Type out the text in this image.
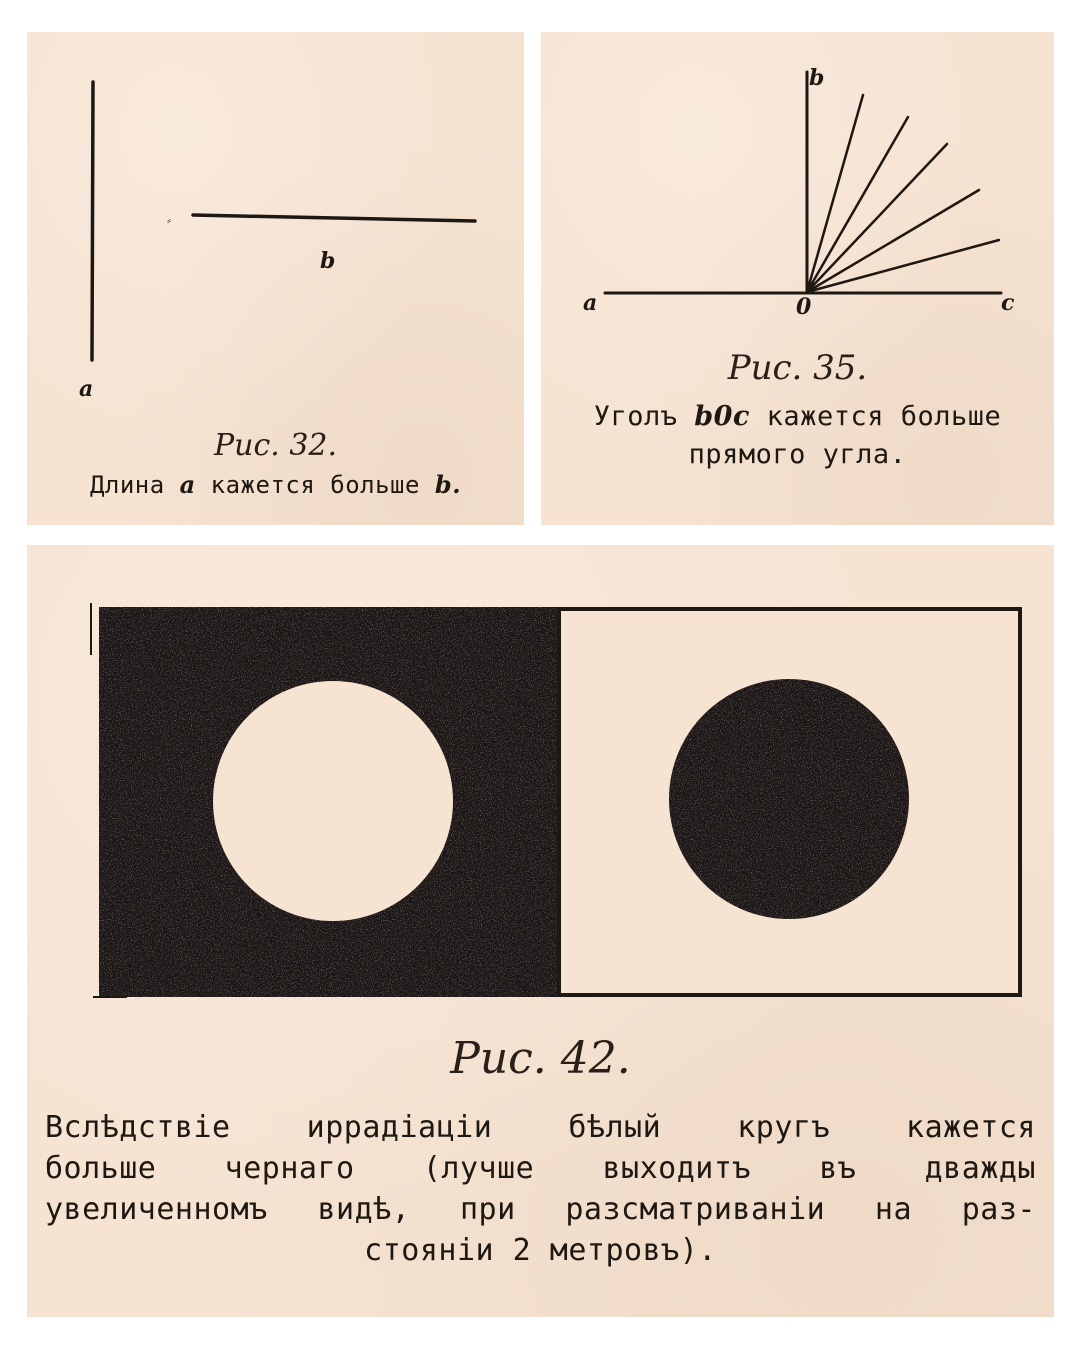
⸗
a
b

Рис. 32.

Длина a кажется больше b.

b
a	0	c

Рис. 35.

Уголъ b0c кажется больше
прямого угла.

Рис. 42.

Вслѣдствіе иррадіаціи бѣлый кругъ кажется
больше чернаго (лучше выходитъ въ дважды
увеличенномъ видѣ, при разсматриваніи на раз-
стояніи 2 метровъ).
